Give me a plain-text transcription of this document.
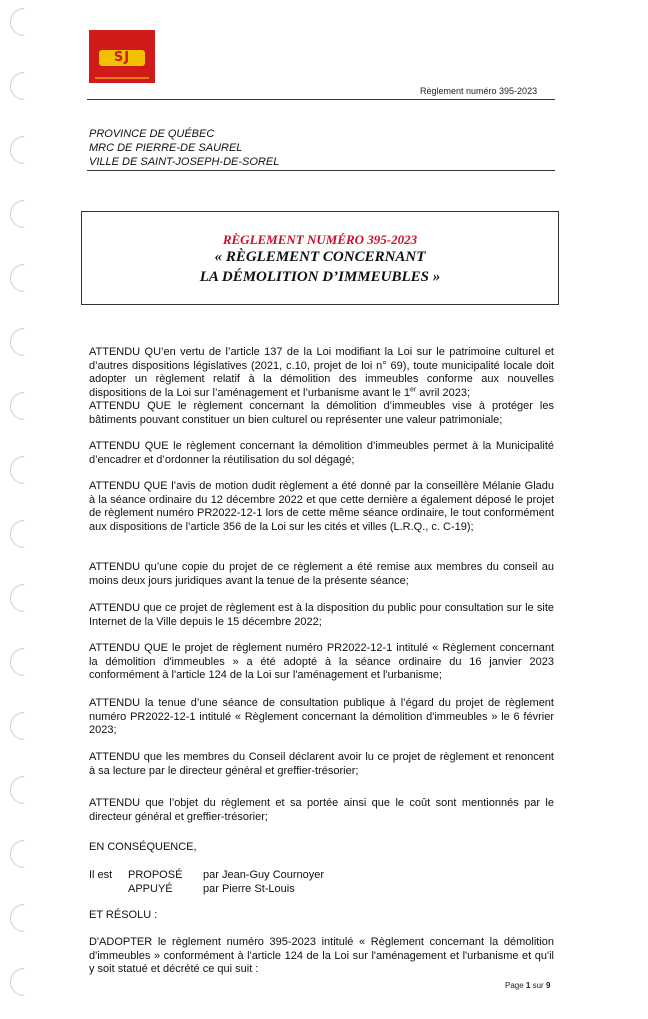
SJ
Règlement numéro 395-2023
PROVINCE DE QUÉBEC
MRC DE PIERRE-DE SAUREL
VILLE DE SAINT-JOSEPH-DE-SOREL
RÈGLEMENT NUMÉRO 395-2023
« RÈGLEMENT CONCERNANT
LA DÉMOLITION D’IMMEUBLES »

ATTENDU QU’en vertu de l’article 137 de la Loi modifiant la Loi sur le patrimoine culturel et d’autres dispositions législatives (2021, c.10, projet de loi n° 69), toute municipalité locale doit adopter un règlement relatif à la démolition des immeubles conforme aux nouvelles dispositions de la Loi sur l’aménagement et l’urbanisme avant le 1er avril 2023;

ATTENDU QUE le règlement concernant la démolition d’immeubles vise à protéger les bâtiments pouvant constituer un bien culturel ou représenter une valeur patrimoniale;

ATTENDU QUE le règlement concernant la démolition d’immeubles permet à la Municipalité d’encadrer et d’ordonner la réutilisation du sol dégagé;

ATTENDU QUE l’avis de motion dudit règlement a été donné par la conseillère Mélanie Gladu à la séance ordinaire du 12 décembre 2022 et que cette dernière a également déposé le projet de règlement numéro PR2022-12-1 lors de cette même séance ordinaire, le tout conformément aux dispositions de l’article 356 de la Loi sur les cités et villes (L.R.Q., c. C-19);

ATTENDU qu’une copie du projet de ce règlement a été remise aux membres du conseil au moins deux jours juridiques avant la tenue de la présente séance;

ATTENDU que ce projet de règlement est à la disposition du public pour consultation sur le site Internet de la Ville depuis le 15 décembre 2022;

ATTENDU QUE le projet de règlement numéro PR2022-12-1 intitulé « Règlement concernant la démolition d'immeubles » a été adopté à la séance ordinaire du 16 janvier 2023 conformément à l'article 124 de la Loi sur l'aménagement et l'urbanisme;

ATTENDU la tenue d’une séance de consultation publique à l’égard du projet de règlement numéro PR2022-12-1 intitulé « Règlement concernant la démolition d'immeubles » le 6 février 2023;

ATTENDU que les membres du Conseil déclarent avoir lu ce projet de règlement et renoncent à sa lecture par le directeur général et greffier-trésorier;

ATTENDU que l’objet du règlement et sa portée ainsi que le coût sont mentionnés par le directeur général et greffier-trésorier;

EN CONSÉQUENCE,

Il est PROPOSÉ par Jean-Guy Cournoyer
APPUYÉ	par Pierre St-Louis

ET RÉSOLU :

D'ADOPTER le règlement numéro 395-2023 intitulé « Règlement concernant la démolition d'immeubles » conformément à l'article 124 de la Loi sur l'aménagement et l'urbanisme et qu'il y soit statué et décrété ce qui suit :

Page 1 sur 9
